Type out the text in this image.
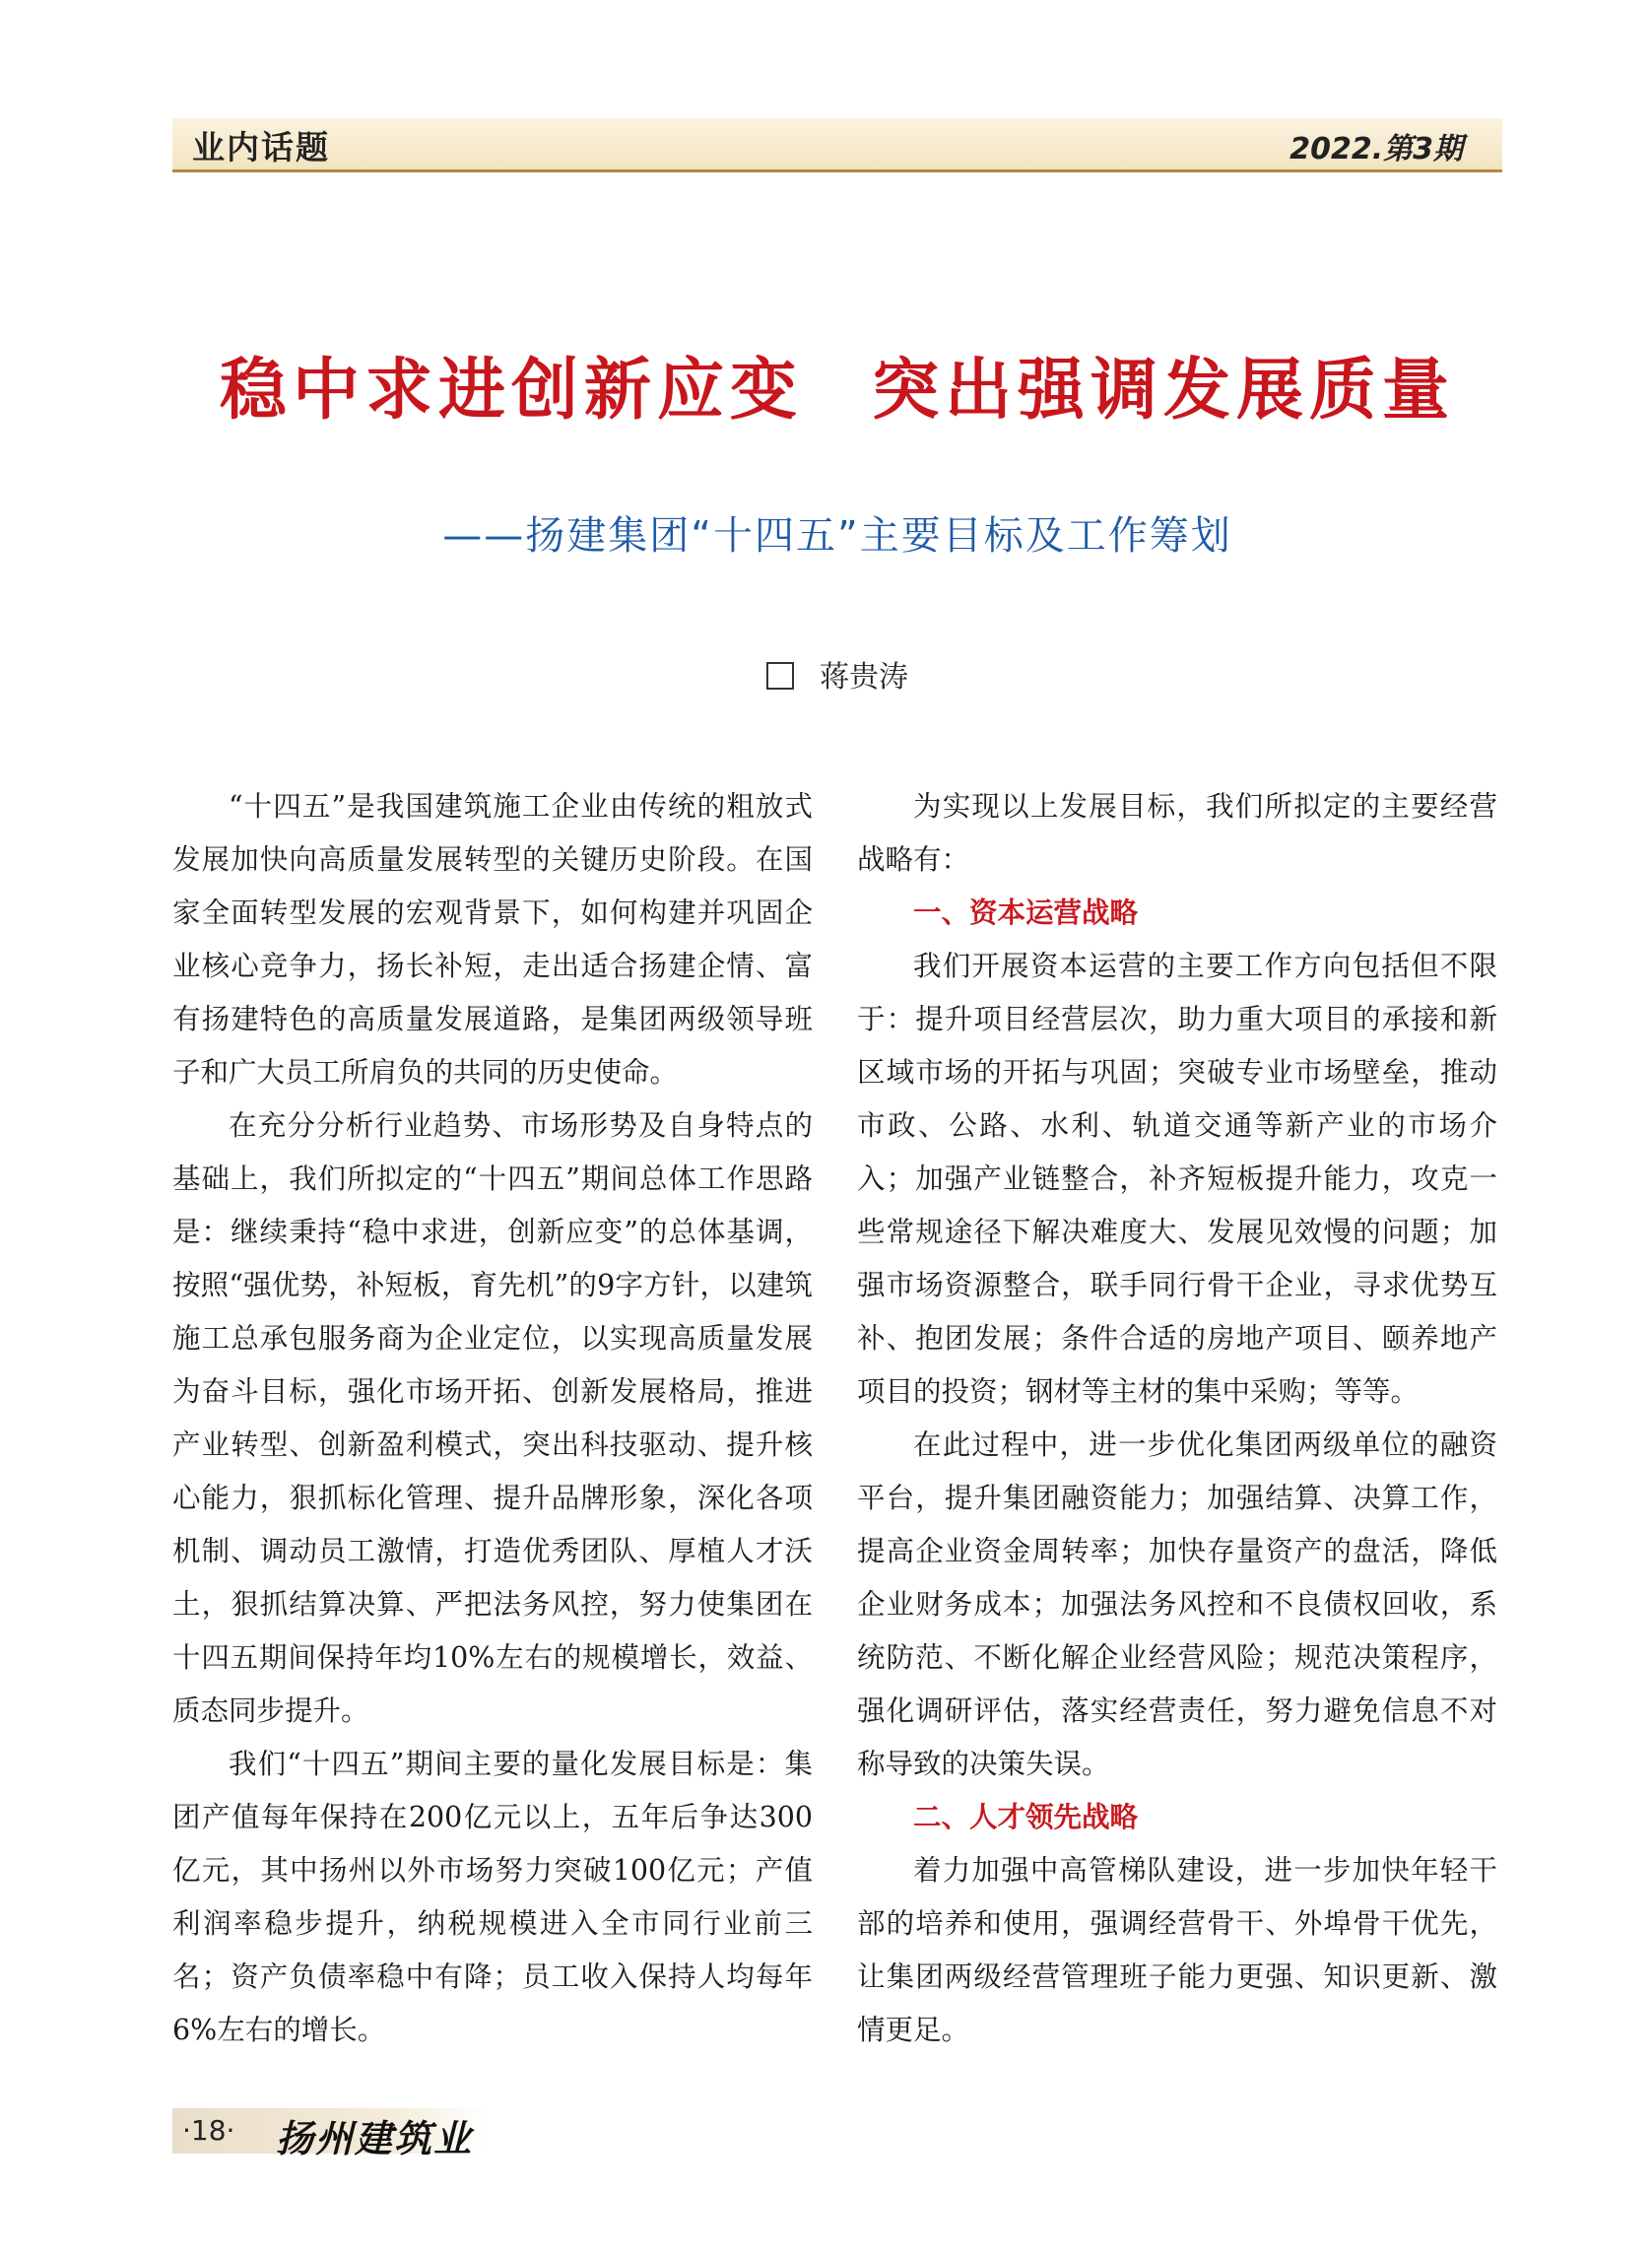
业内话题	2022.第3期
稳中求进创新应变 突出强调发展质量
——扬建集团“十四五”主要目标及工作筹划
蒋贵涛

“十四五”是我国建筑施工企业由传统的粗放式发展加快向高质量发展转型的关键历史阶段。在国家全面转型发展的宏观背景下，如何构建并巩固企业核心竞争力，扬长补短，走出适合扬建企情、富有扬建特色的高质量发展道路，是集团两级领导班子和广大员工所肩负的共同的历史使命。

在充分分析行业趋势、市场形势及自身特点的基础上，我们所拟定的“十四五”期间总体工作思路是：继续秉持“稳中求进，创新应变”的总体基调，按照“强优势，补短板，育先机”的9字方针，以建筑施工总承包服务商为企业定位，以实现高质量发展为奋斗目标，强化市场开拓、创新发展格局，推进产业转型、创新盈利模式，突出科技驱动、提升核心能力，狠抓标化管理、提升品牌形象，深化各项机制、调动员工激情，打造优秀团队、厚植人才沃土，狠抓结算决算、严把法务风控，努力使集团在十四五期间保持年均10%左右的规模增长，效益、质态同步提升。

我们“十四五”期间主要的量化发展目标是：集团产值每年保持在200亿元以上，五年后争达300亿元，其中扬州以外市场努力突破100亿元；产值利润率稳步提升，纳税规模进入全市同行业前三名；资产负债率稳中有降；员工收入保持人均每年6%左右的增长。

为实现以上发展目标，我们所拟定的主要经营战略有：

一、资本运营战略

我们开展资本运营的主要工作方向包括但不限于：提升项目经营层次，助力重大项目的承接和新区域市场的开拓与巩固；突破专业市场壁垒，推动市政、公路、水利、轨道交通等新产业的市场介入；加强产业链整合，补齐短板提升能力，攻克一些常规途径下解决难度大、发展见效慢的问题；加强市场资源整合，联手同行骨干企业，寻求优势互补、抱团发展；条件合适的房地产项目、颐养地产项目的投资；钢材等主材的集中采购；等等。

在此过程中，进一步优化集团两级单位的融资平台，提升集团融资能力；加强结算、决算工作，提高企业资金周转率；加快存量资产的盘活，降低企业财务成本；加强法务风控和不良债权回收，系统防范、不断化解企业经营风险；规范决策程序，强化调研评估，落实经营责任，努力避免信息不对称导致的决策失误。

二、人才领先战略

着力加强中高管梯队建设，进一步加快年轻干部的培养和使用，强调经营骨干、外埠骨干优先，让集团两级经营管理班子能力更强、知识更新、激情更足。

·18· 扬州建筑业
